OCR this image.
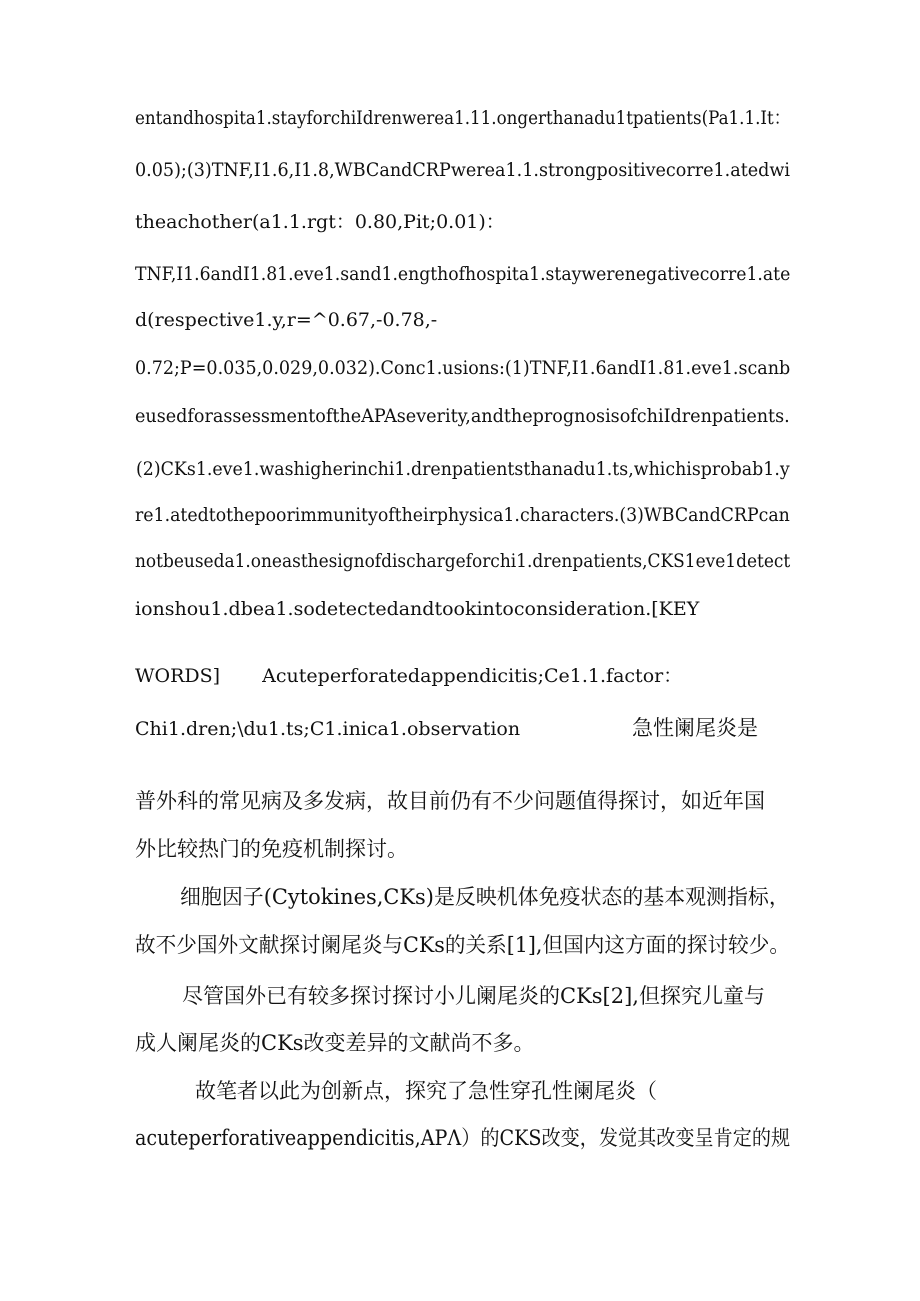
entandhospita1.stayforchiIdrenwerea1.11.ongerthanadu1tpatients(Pa1.1.It：
0.05);(3)TNF,I1.6,I1.8,WBCandCRPwerea1.1.strongpositivecorre1.atedwi
theachother(a1.1.rgt：0.80,Pit;0.01)：
TNF,I1.6andI1.81.eve1.sand1.engthofhospita1.staywerenegativecorre1.ate
d(respective1.y,r=^0.67,-0.78,-
0.72;P=0.035,0.029,0.032).Conc1.usions:(1)TNF,I1.6andI1.81.eve1.scanb
eusedforassessmentoftheAPAseverity,andtheprognosisofchiIdrenpatients.
(2)CKs1.eve1.washigherinchi1.drenpatientsthanadu1.ts,whichisprobab1.y
re1.atedtothepoorimmunityoftheirphysica1.characters.(3)WBCandCRPcan
notbeuseda1.oneasthesignofdischargeforchi1.drenpatients,CKS1eve1detect
ionshou1.dbea1.sodetectedandtookintoconsideration.[KEY
WORDS] Acuteperforatedappendicitis;Ce1.1.factor：
Chi1.dren;\du1.ts;C1.inica1.observation	急性阑尾炎是
普外科的常见病及多发病，故目前仍有不少问题值得探讨，如近年国
外比较热门的免疫机制探讨。
细胞因子(Cytokines,CKs)是反映机体免疫状态的基本观测指标，
故不少国外文献探讨阑尾炎与CKs的关系[1],但国内这方面的探讨较少。
尽管国外已有较多探讨探讨小儿阑尾炎的CKs[2],但探究儿童与
成人阑尾炎的CKs改变差异的文献尚不多。
故笔者以此为创新点，探究了急性穿孔性阑尾炎（
acuteperforativeappendicitis,APΛ）的CKS改变，发觉其改变呈肯定的规
